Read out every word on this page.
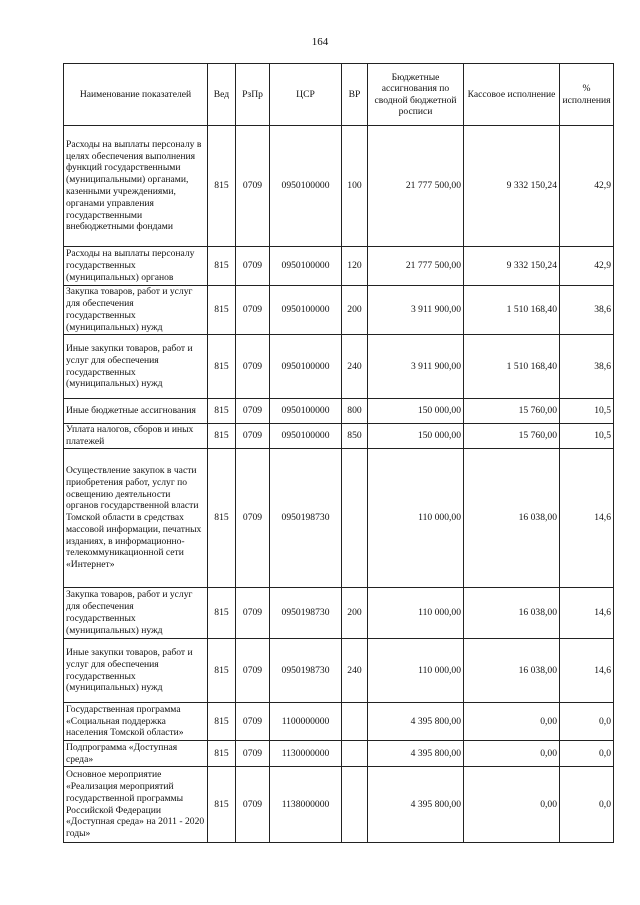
164
Наименование показателей	Вед	РзПр	ЦСР	ВР	Бюджетные ассигнования по сводной бюджетной росписи	Кассовое исполнение	% исполнения
Расходы на выплаты персоналу в целях обеспечения выполнения функций государственными (муниципальными) органами, казенными учреждениями, органами управления государственными внебюджетными фондами	815	0709	0950100000	100	21 777 500,00	9 332 150,24	42,9
Расходы на выплаты персоналу государственных (муниципальных) органов	815	0709	0950100000	120	21 777 500,00	9 332 150,24	42,9
Закупка товаров, работ и услуг для обеспечения государственных (муниципальных) нужд	815	0709	0950100000	200	3 911 900,00	1 510 168,40	38,6
Иные закупки товаров, работ и услуг для обеспечения государственных (муниципальных) нужд	815	0709	0950100000	240	3 911 900,00	1 510 168,40	38,6
Иные бюджетные ассигнования	815	0709	0950100000	800	150 000,00	15 760,00	10,5
Уплата налогов, сборов и иных платежей	815	0709	0950100000	850	150 000,00	15 760,00	10,5
Осуществление закупок в части приобретения работ, услуг по освещению деятельности органов государственной власти Томской области в средствах массовой информации, печатных изданиях, в информационно-телекоммуникационной сети «Интернет»	815	0709	0950198730		110 000,00	16 038,00	14,6
Закупка товаров, работ и услуг для обеспечения государственных (муниципальных) нужд	815	0709	0950198730	200	110 000,00	16 038,00	14,6
Иные закупки товаров, работ и услуг для обеспечения государственных (муниципальных) нужд	815	0709	0950198730	240	110 000,00	16 038,00	14,6
Государственная программа «Социальная поддержка населения Томской области»	815	0709	1100000000		4 395 800,00	0,00	0,0
Подпрограмма «Доступная среда»	815	0709	1130000000		4 395 800,00	0,00	0,0
Основное мероприятие «Реализация мероприятий государственной программы Российской Федерации «Доступная среда» на 2011 - 2020 годы»	815	0709	1138000000		4 395 800,00	0,00	0,0
